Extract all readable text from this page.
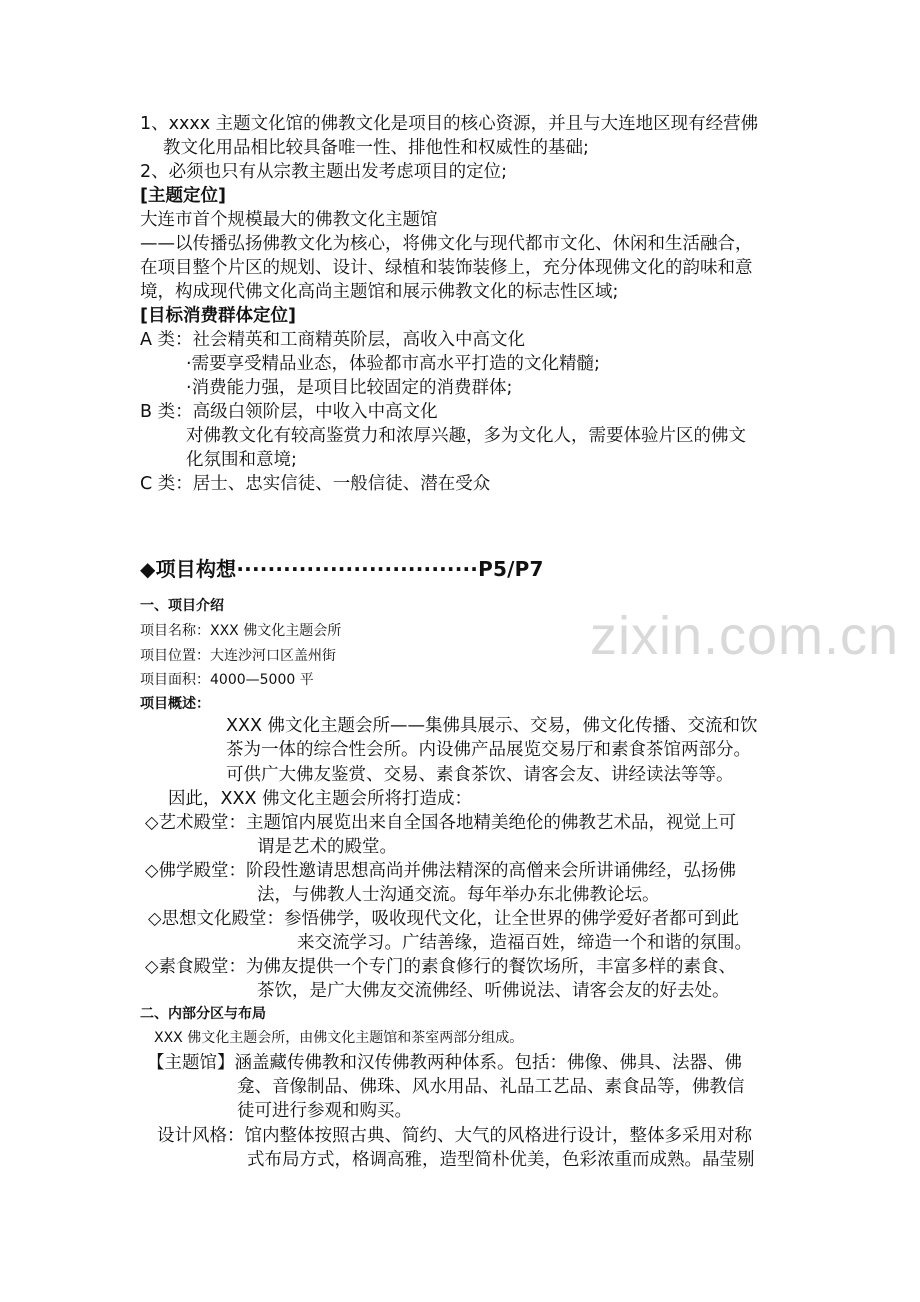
zixin.com.cn
1、xxxx 主题文化馆的佛教文化是项目的核心资源，并且与大连地区现有经营佛
教文化用品相比较具备唯一性、排他性和权威性的基础;
2、必须也只有从宗教主题出发考虑项目的定位;
[主题定位]
大连市首个规模最大的佛教文化主题馆
——以传播弘扬佛教文化为核心，将佛文化与现代都市文化、休闲和生活融合，
在项目整个片区的规划、设计、绿植和装饰装修上，充分体现佛文化的韵味和意
境，构成现代佛文化高尚主题馆和展示佛教文化的标志性区域;
[目标消费群体定位]
A 类：社会精英和工商精英阶层，高收入中高文化
·需要享受精品业态，体验都市高水平打造的文化精髓;
·消费能力强，是项目比较固定的消费群体;
B 类：高级白领阶层，中收入中高文化
对佛教文化有较高鉴赏力和浓厚兴趣，多为文化人，需要体验片区的佛文
化氛围和意境;
C 类：居士、忠实信徒、一般信徒、潜在受众
◆项目构想·······························P5/P7
一、项目介绍
项目名称：XXX 佛文化主题会所
项目位置：大连沙河口区盖州街
项目面积：4000—5000 平
项目概述：
XXX 佛文化主题会所——集佛具展示、交易，佛文化传播、交流和饮
茶为一体的综合性会所。内设佛产品展览交易厅和素食茶馆两部分。
可供广大佛友鉴赏、交易、素食茶饮、请客会友、讲经读法等等。
因此，XXX 佛文化主题会所将打造成：
◇艺术殿堂：主题馆内展览出来自全国各地精美绝伦的佛教艺术品，视觉上可
谓是艺术的殿堂。
◇佛学殿堂：阶段性邀请思想高尚并佛法精深的高僧来会所讲诵佛经，弘扬佛
法，与佛教人士沟通交流。每年举办东北佛教论坛。
◇思想文化殿堂：参悟佛学，吸收现代文化，让全世界的佛学爱好者都可到此
来交流学习。广结善缘，造福百姓，缔造一个和谐的氛围。
◇素食殿堂：为佛友提供一个专门的素食修行的餐饮场所，丰富多样的素食、
茶饮，是广大佛友交流佛经、听佛说法、请客会友的好去处。
二、内部分区与布局
XXX 佛文化主题会所，由佛文化主题馆和茶室两部分组成。
【主题馆】涵盖藏传佛教和汉传佛教两种体系。包括：佛像、佛具、法器、佛
龛、音像制品、佛珠、风水用品、礼品工艺品、素食品等，佛教信
徒可进行参观和购买。
设计风格：馆内整体按照古典、简约、大气的风格进行设计，整体多采用对称
式布局方式，格调高雅，造型简朴优美，色彩浓重而成熟。晶莹剔
